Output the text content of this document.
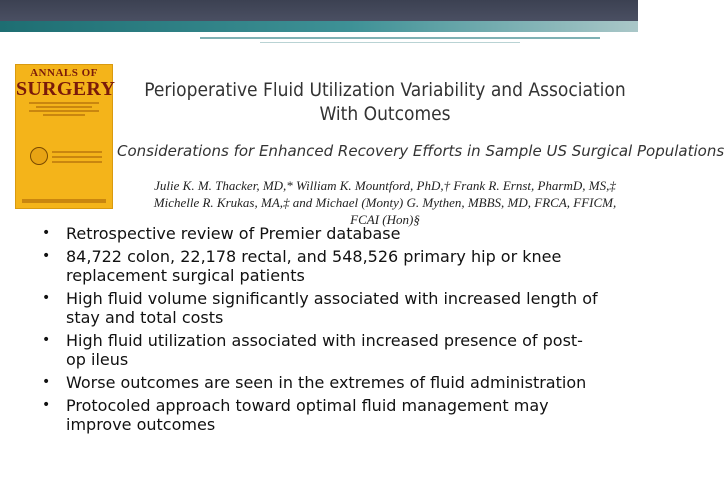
ANNALS OF
SURGERY Perioperative Fluid Utilization Variability and Association
With Outcomes
Considerations for Enhanced Recovery Efforts in Sample US Surgical Populations
Julie K. M. Thacker, MD,* William K. Mountford, PhD,† Frank R. Ernst, PharmD, MS,‡
Michelle R. Krukas, MA,‡ and Michael (Monty) G. Mythen, MBBS, MD, FRCA, FFICM, FCAI (Hon)§
• Retrospective review of Premier database
• 84,722 colon, 22,178 rectal, and 548,526 primary hip or knee replacement surgical patients
• High fluid volume significantly associated with increased length of stay and total costs
• High fluid utilization associated with increased presence of post-op ileus
• Worse outcomes are seen in the extremes of fluid administration
• Protocoled approach toward optimal fluid management may improve outcomes
